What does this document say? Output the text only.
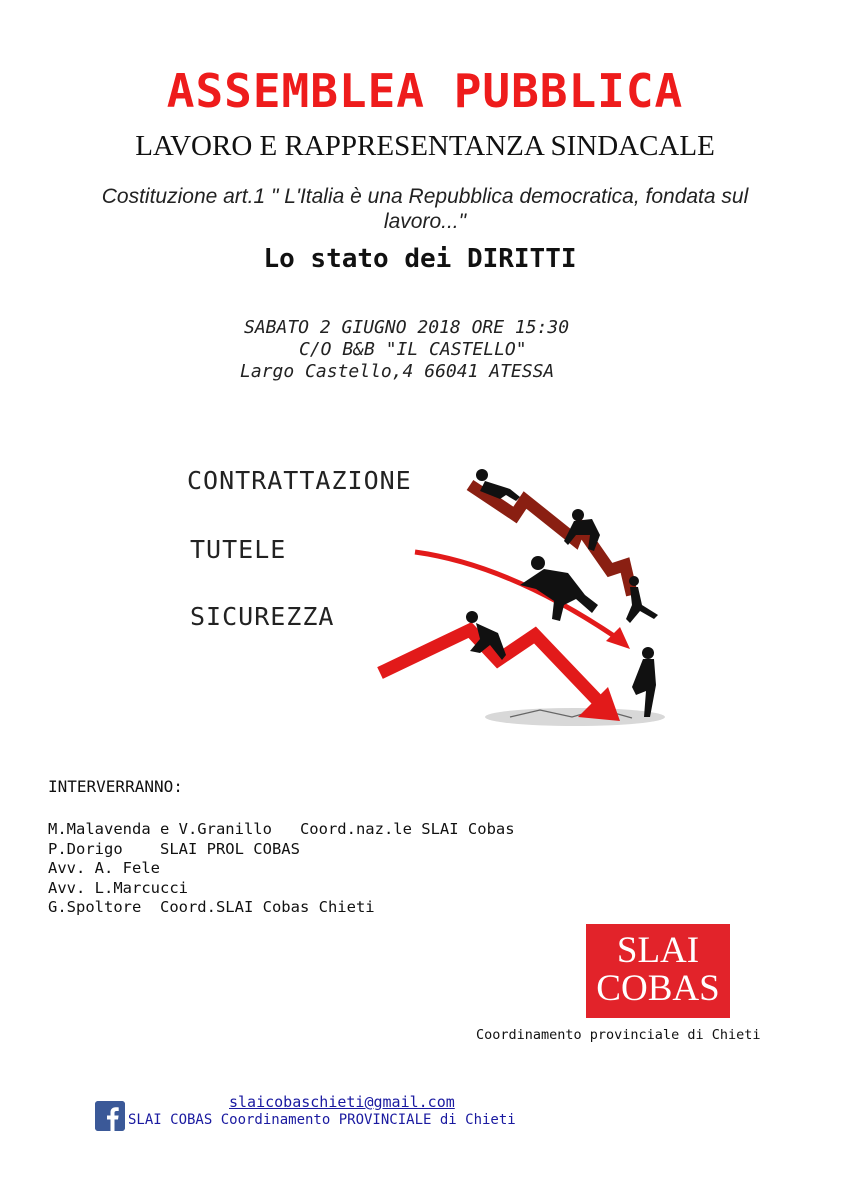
ASSEMBLEA PUBBLICA
LAVORO E RAPPRESENTANZA SINDACALE
Costituzione art.1 " L'Italia è una Repubblica democratica, fondata sul
lavoro..."
Lo stato dei DIRITTI
SABATO 2 GIUGNO 2018 ORE 15:30
C/O B&B "IL CASTELLO"
Largo Castello,4 66041 ATESSA
CONTRATTAZIONE
TUTELE
SICUREZZA
INTERVERRANNO:
M.Malavenda e V.Granillo   Coord.naz.le SLAI Cobas
P.Dorigo    SLAI PROL COBAS
Avv. A. Fele
Avv. L.Marcucci
G.Spoltore  Coord.SLAI Cobas Chieti
SLAI
COBAS
Coordinamento provinciale di Chieti
slaicobaschieti@gmail.com
SLAI COBAS Coordinamento PROVINCIALE di Chieti
